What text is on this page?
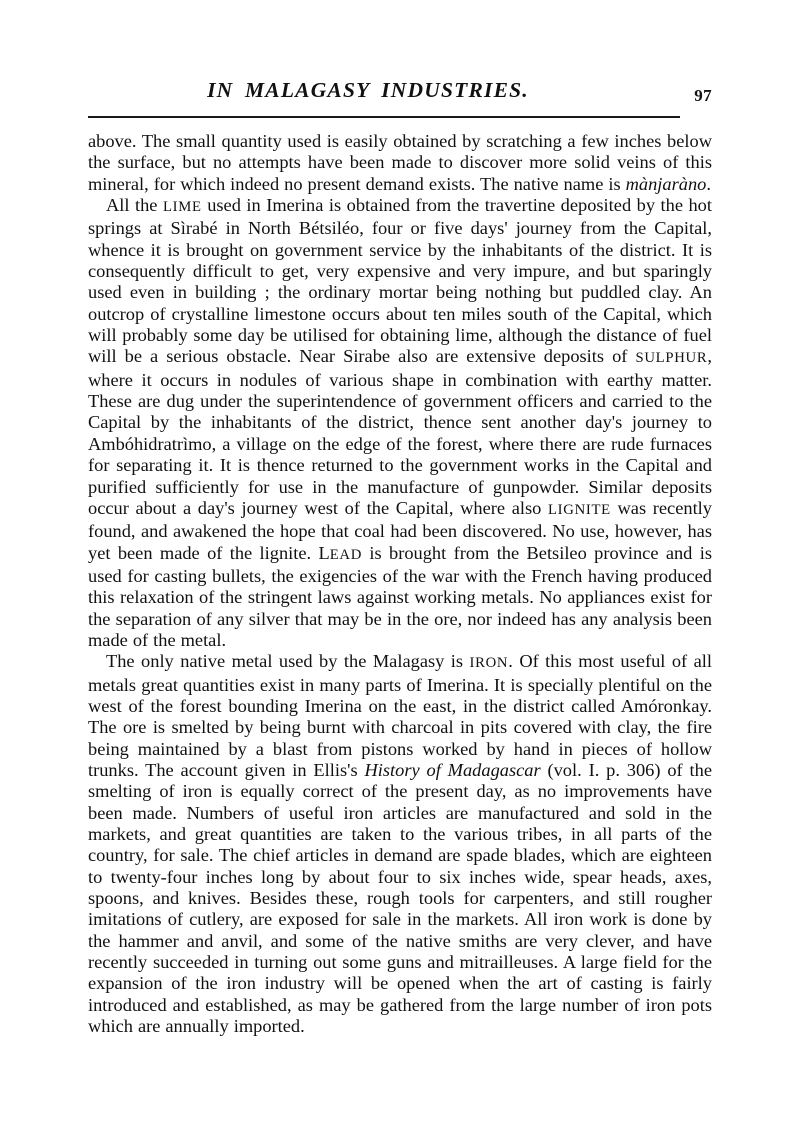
IN MALAGASY INDUSTRIES.	97

above. The small quantity used is easily obtained by scratching a few inches below the surface, but no attempts have been made to discover more solid veins of this mineral, for which indeed no present demand exists. The native name is mànjaràno.

All the LIME used in Imerina is obtained from the travertine deposited by the hot springs at Sìrabé in North Bétsiléo, four or five days' journey from the Capital, whence it is brought on government service by the inhabitants of the district. It is consequently difficult to get, very expensive and very impure, and but sparingly used even in building ; the ordinary mortar being nothing but puddled clay. An outcrop of crystalline limestone occurs about ten miles south of the Capital, which will probably some day be utilised for obtaining lime, although the distance of fuel will be a serious obstacle. Near Sirabe also are extensive deposits of SULPHUR, where it occurs in nodules of various shape in combination with earthy matter. These are dug under the superintendence of government officers and carried to the Capital by the inhabitants of the district, thence sent another day's journey to Ambóhidratrìmo, a village on the edge of the forest, where there are rude furnaces for separating it. It is thence returned to the government works in the Capital and purified sufficiently for use in the manufacture of gunpowder. Similar deposits occur about a day's journey west of the Capital, where also LIGNITE was recently found, and awakened the hope that coal had been discovered. No use, however, has yet been made of the lignite. LEAD is brought from the Betsileo province and is used for casting bullets, the exigencies of the war with the French having produced this relaxation of the stringent laws against working metals. No appliances exist for the separation of any silver that may be in the ore, nor indeed has any analysis been made of the metal.

The only native metal used by the Malagasy is IRON. Of this most useful of all metals great quantities exist in many parts of Imerina. It is specially plentiful on the west of the forest bounding Imerina on the east, in the district called Amóronkay. The ore is smelted by being burnt with charcoal in pits covered with clay, the fire being maintained by a blast from pistons worked by hand in pieces of hollow trunks. The account given in Ellis's History of Madagascar (vol. I. p. 306) of the smelting of iron is equally correct of the present day, as no improvements have been made. Numbers of useful iron articles are manufactured and sold in the markets, and great quantities are taken to the various tribes, in all parts of the country, for sale. The chief articles in demand are spade blades, which are eighteen to twenty-four inches long by about four to six inches wide, spear heads, axes, spoons, and knives. Besides these, rough tools for carpenters, and still rougher imitations of cutlery, are exposed for sale in the markets. All iron work is done by the hammer and anvil, and some of the native smiths are very clever, and have recently succeeded in turning out some guns and mitrailleuses. A large field for the expansion of the iron industry will be opened when the art of casting is fairly introduced and established, as may be gathered from the large number of iron pots which are annually imported.
